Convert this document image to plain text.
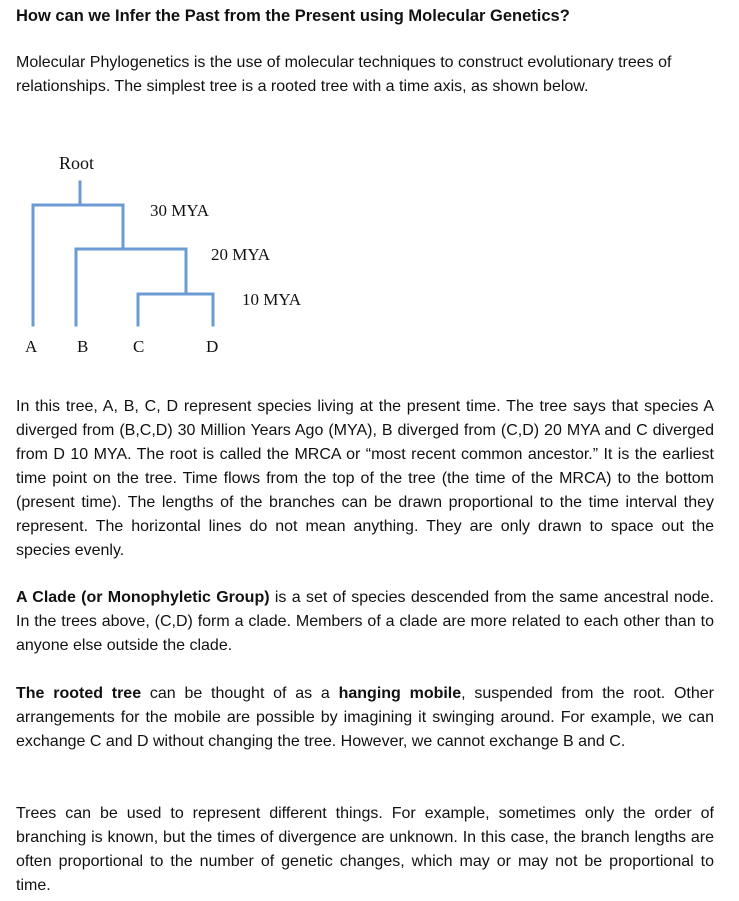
How can we Infer the Past from the Present using Molecular Genetics?
Molecular Phylogenetics is the use of molecular techniques to construct evolutionary trees of relationships. The simplest tree is a rooted tree with a time axis, as shown below.
Root
30 MYA
20 MYA
10 MYA
A B	C	D
In this tree, A, B, C, D represent species living at the present time. The tree says that species A diverged from (B,C,D) 30 Million Years Ago (MYA), B diverged from (C,D) 20 MYA and C diverged from D 10 MYA. The root is called the MRCA or “most recent common ancestor.” It is the earliest time point on the tree. Time flows from the top of the tree (the time of the MRCA) to the bottom (present time). The lengths of the branches can be drawn proportional to the time interval they represent. The horizontal lines do not mean anything. They are only drawn to space out the species evenly.
A Clade (or Monophyletic Group) is a set of species descended from the same ancestral node. In the trees above, (C,D) form a clade. Members of a clade are more related to each other than to anyone else outside the clade.
The rooted tree can be thought of as a hanging mobile, suspended from the root. Other arrangements for the mobile are possible by imagining it swinging around. For example, we can exchange C and D without changing the tree. However, we cannot exchange B and C.
Trees can be used to represent different things. For example, sometimes only the order of branching is known, but the times of divergence are unknown. In this case, the branch lengths are often proportional to the number of genetic changes, which may or may not be proportional to time.
